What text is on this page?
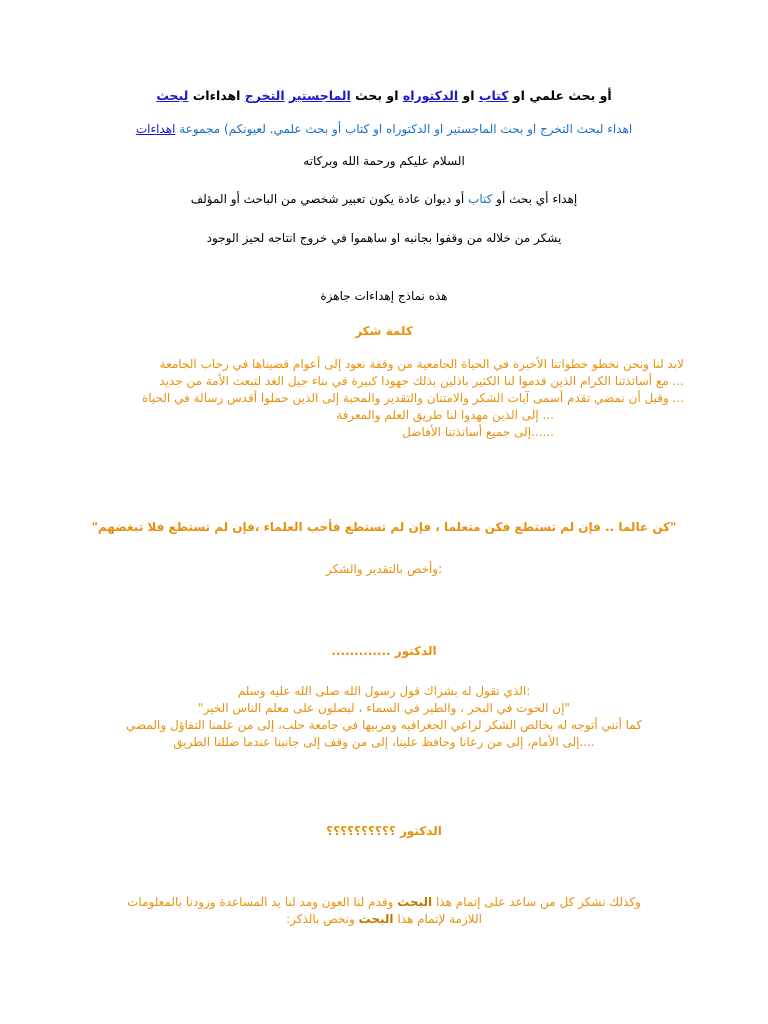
أو بحث علمي او كتاب او الدكتوراه او بحث الماجستير التخرج اهداءات لبحث
اهداء لبحث التخرج او بحث الماجستير او الدكتوراه او كتاب أو بحث علمي. لعيونكم) مجموعة اهداءات
السلام عليكم ورحمة الله وبركاته
إهداء أي بحث أو كتاب أو ديوان عادة يكون تعبير شخصي من الباحث أو المؤلف
يشكر من خلاله من وقفوا بجانبه او ساهموا في خروج انتاجه لحيز الوجود
هذه نماذج إهداءات جاهزة
كلمة شكر
لابد لنا ونحن نخطو خطواتنا الأخيرة في الحياة الجامعية من وقفة نعود إلى أعوام قضيناها في رحاب الجامعة
... مع أساتذتنا الكرام الذين قدموا لنا الكثير باذلين بذلك جهودا كبيرة في بناء جيل الغد لتبعث الأمة من جديد
... وقبل أن نمضي تقدم أسمى آيات الشكر والامتنان والتقدير والمحبة إلى الذين حملوا أقدس رسالة في الحياة
... إلى الذين مهدوا لنا طريق العلم والمعرفة
......إلى جميع أساتذتنا الأفاضل
"كن عالما .. فإن لم تستطع فكن متعلما ، فإن لم تستطع فأحب العلماء ،فإن لم تستطع فلا تبغضهم"
:وأخص بالتقدير والشكر
الدكتور .............
:الذي نقول له بشراك قول رسول الله صلى الله عليه وسلم
"إن الحوت في البحر ، والطير في السماء ، ليصلون على معلم الناس الخير"
كما أنني أتوجه له بخالص الشكر لراعي الجغرافيه ومربيها في جامعة حلب، إلى من علمنا التفاؤل والمضي
....إلى الأمام، إلى من رعانا وحافظ علينا، إلى من وقف إلى جانبنا عندما ضللنا الطريق
الدكتور ؟؟؟؟؟؟؟؟؟؟
وكذلك نشكر كل من ساعد على إتمام هذا البحث وقدم لنا العون ومد لنا يد المساعدة وزودنا بالمعلومات
اللازمة لإتمام هذا البحث ونخص بالذكر:
